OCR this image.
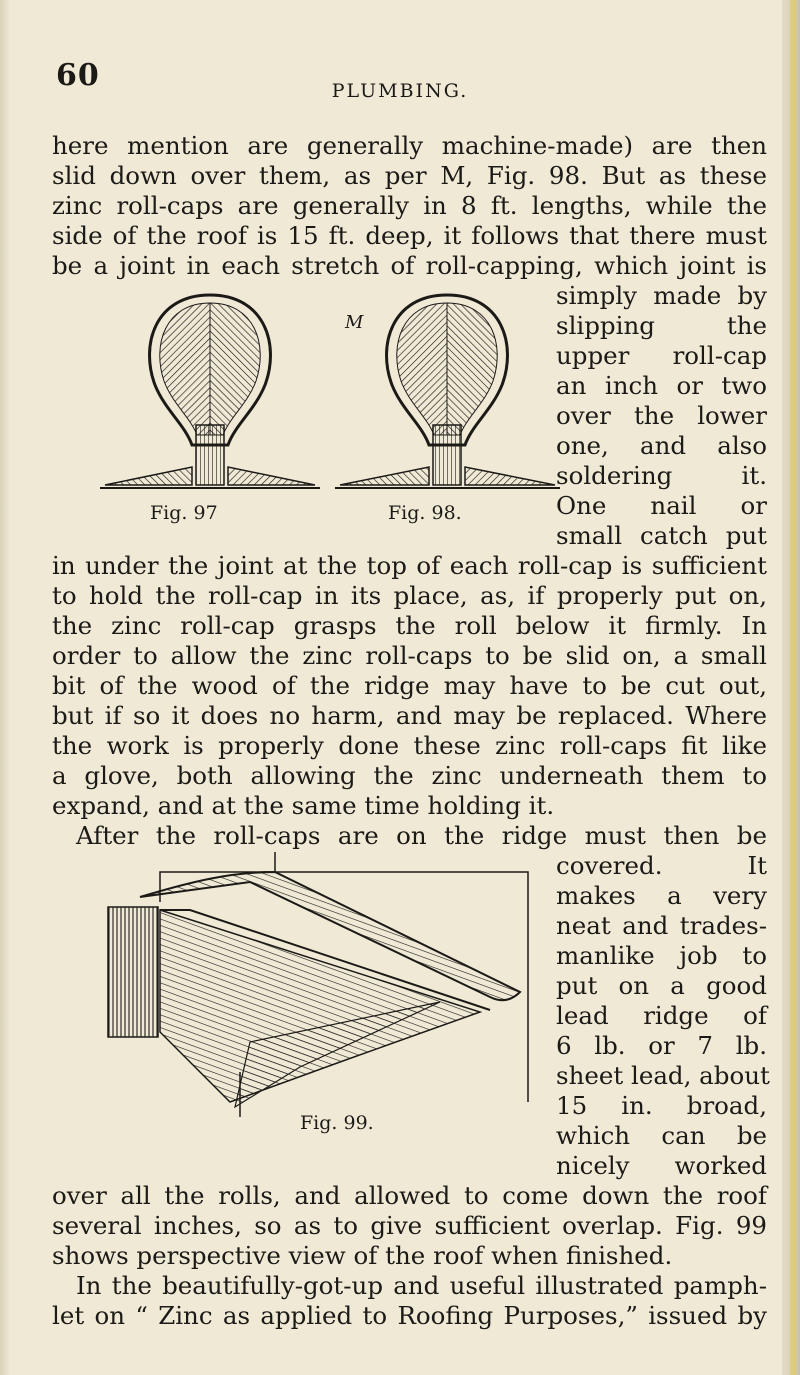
60	PLUMBING.
here mention are generally machine-made) are then
slid down over them, as per M, Fig. 98. But as these
zinc roll-caps are generally in 8 ft. lengths, while the
side of the roof is 15 ft. deep, it follows that there must
be a joint in each stretch of roll-capping, which joint is
simply made by
slipping the
upper roll-cap
an inch or two
over the lower
one, and also
soldering it.
One nail or
small catch put
Fig. 97
M
Fig. 98.
in under the joint at the top of each roll-cap is sufficient
to hold the roll-cap in its place, as, if properly put on,
the zinc roll-cap grasps the roll below it firmly. In
order to allow the zinc roll-caps to be slid on, a small
bit of the wood of the ridge may have to be cut out,
but if so it does no harm, and may be replaced. Where
the work is properly done these zinc roll-caps fit like
a glove, both allowing the zinc underneath them to
expand, and at the same time holding it.
After the roll-caps are on the ridge must then be
covered. It
makes a very
neat and trades-
manlike job to
put on a good
lead ridge of
6 lb. or 7 lb.
sheet lead, about
15 in. broad,
which can be
nicely worked
Fig. 99.
over all the rolls, and allowed to come down the roof
several inches, so as to give sufficient overlap. Fig. 99
shows perspective view of the roof when finished.
In the beautifully-got-up and useful illustrated pamph-
let on “ Zinc as applied to Roofing Purposes,” issued by
